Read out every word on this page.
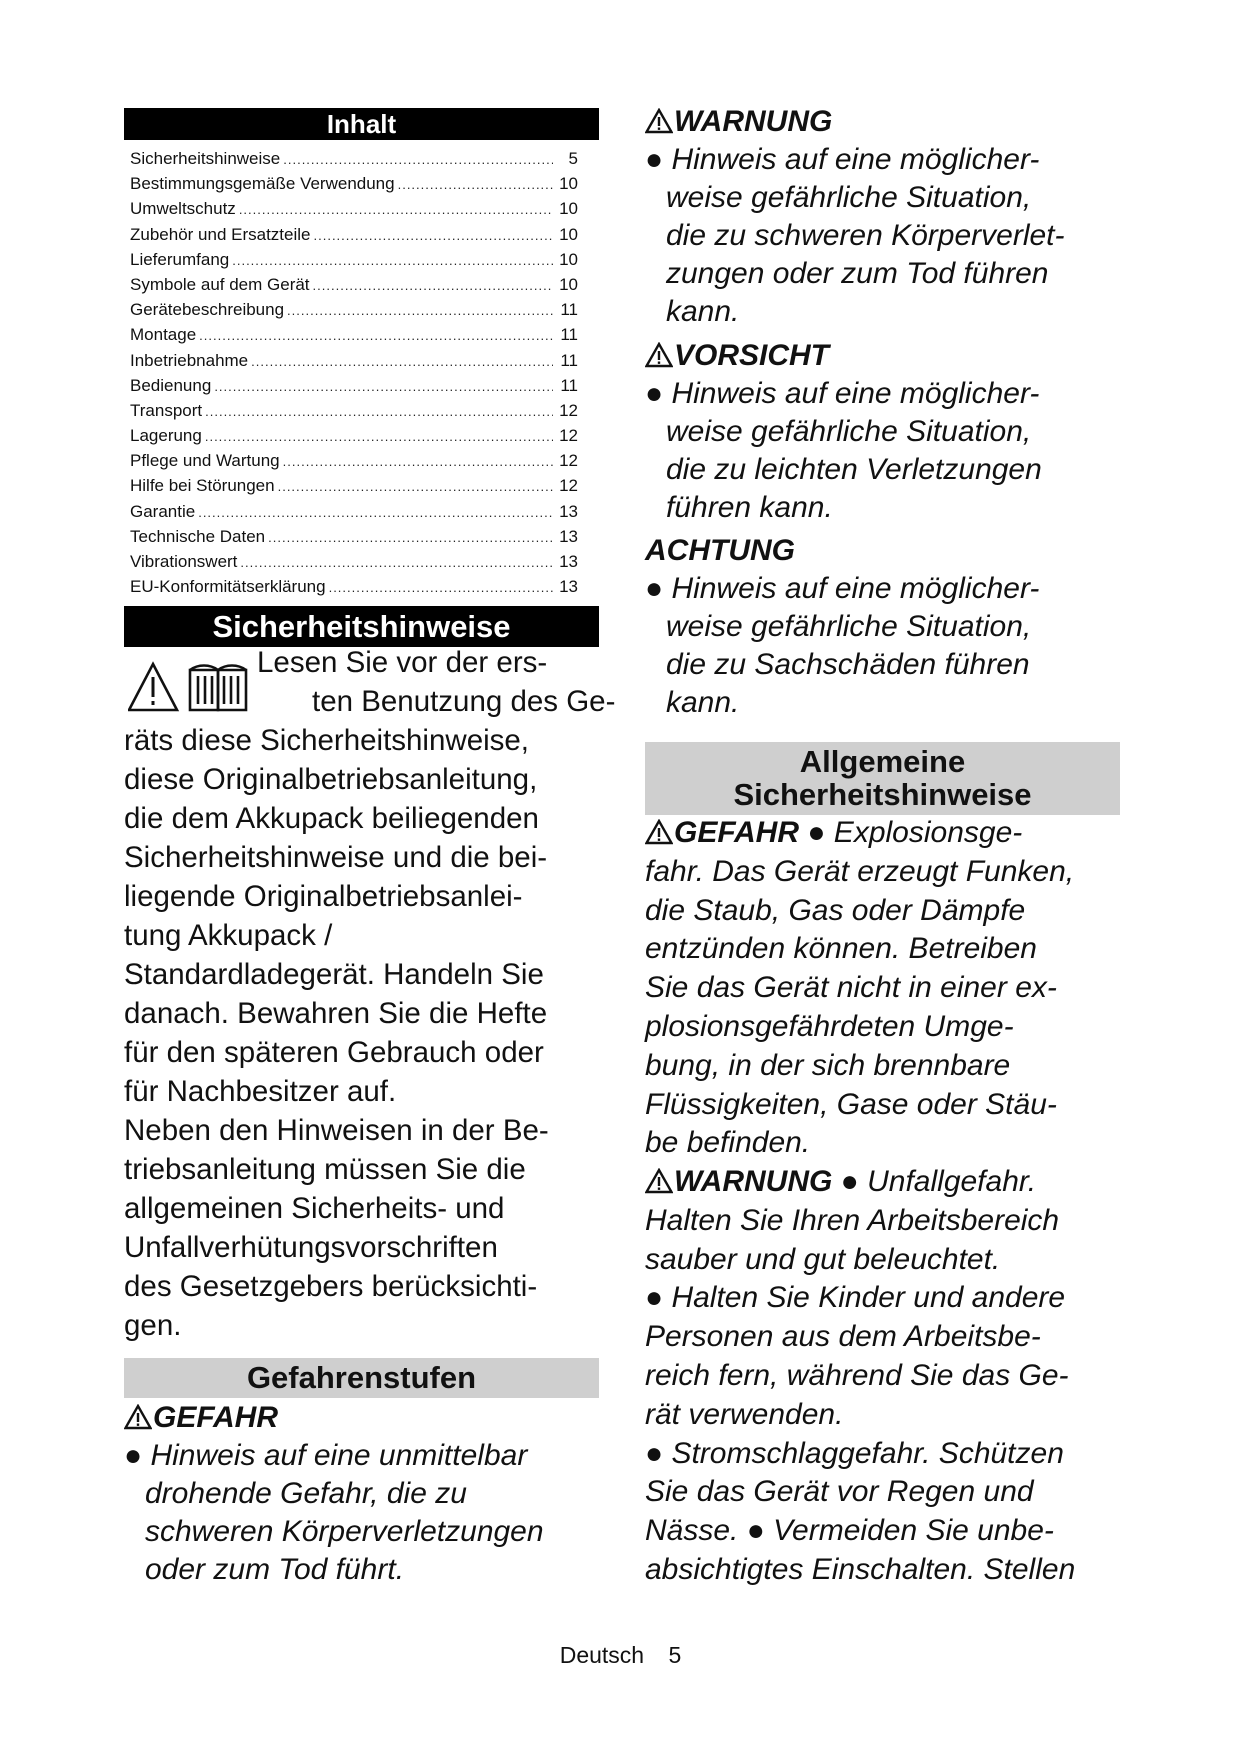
Inhalt
Sicherheitshinweise .....	5
Bestimmungsgemäße Verwendung .....	10
Umweltschutz .....	10
Zubehör und Ersatzteile .....	10
Lieferumfang .....	10
Symbole auf dem Gerät .....	10
Gerätebeschreibung .....	11
Montage .....	11
Inbetriebnahme .....	11
Bedienung .....	11
Transport .....	12
Lagerung .....	12
Pflege und Wartung .....	12
Hilfe bei Störungen .....	12
Garantie .....	13
Technische Daten .....	13
Vibrationswert .....	13
EU-Konformitätserklärung .....	13
Sicherheitshinweise
Lesen Sie vor der ers-
ten Benutzung des Ge-
räts diese Sicherheitshinweise,
diese Originalbetriebsanleitung,
die dem Akkupack beiliegenden
Sicherheitshinweise und die bei-
liegende Originalbetriebsanlei-
tung Akkupack /
Standardladegerät. Handeln Sie
danach. Bewahren Sie die Hefte
für den späteren Gebrauch oder
für Nachbesitzer auf.
Neben den Hinweisen in der Be-
triebsanleitung müssen Sie die
allgemeinen Sicherheits- und
Unfallverhütungsvorschriften
des Gesetzgebers berücksichti-
gen.
Gefahrenstufen
GEFAHR
● Hinweis auf eine unmittelbar
drohende Gefahr, die zu
schweren Körperverletzungen
oder zum Tod führt.
WARNUNG
● Hinweis auf eine möglicher-
weise gefährliche Situation,
die zu schweren Körperverlet-
zungen oder zum Tod führen
kann.
VORSICHT
● Hinweis auf eine möglicher-
weise gefährliche Situation,
die zu leichten Verletzungen
führen kann.
ACHTUNG
● Hinweis auf eine möglicher-
weise gefährliche Situation,
die zu Sachschäden führen
kann.
Allgemeine
Sicherheitshinweise
GEFAHR ● Explosionsge-
fahr. Das Gerät erzeugt Funken,
die Staub, Gas oder Dämpfe
entzünden können. Betreiben
Sie das Gerät nicht in einer ex-
plosionsgefährdeten Umge-
bung, in der sich brennbare
Flüssigkeiten, Gase oder Stäu-
be befinden.
WARNUNG ● Unfallgefahr.
Halten Sie Ihren Arbeitsbereich
sauber und gut beleuchtet.
● Halten Sie Kinder und andere
Personen aus dem Arbeitsbe-
reich fern, während Sie das Ge-
rät verwenden.
● Stromschlaggefahr. Schützen
Sie das Gerät vor Regen und
Nässe. ● Vermeiden Sie unbe-
absichtigtes Einschalten. Stellen
Deutsch 5
